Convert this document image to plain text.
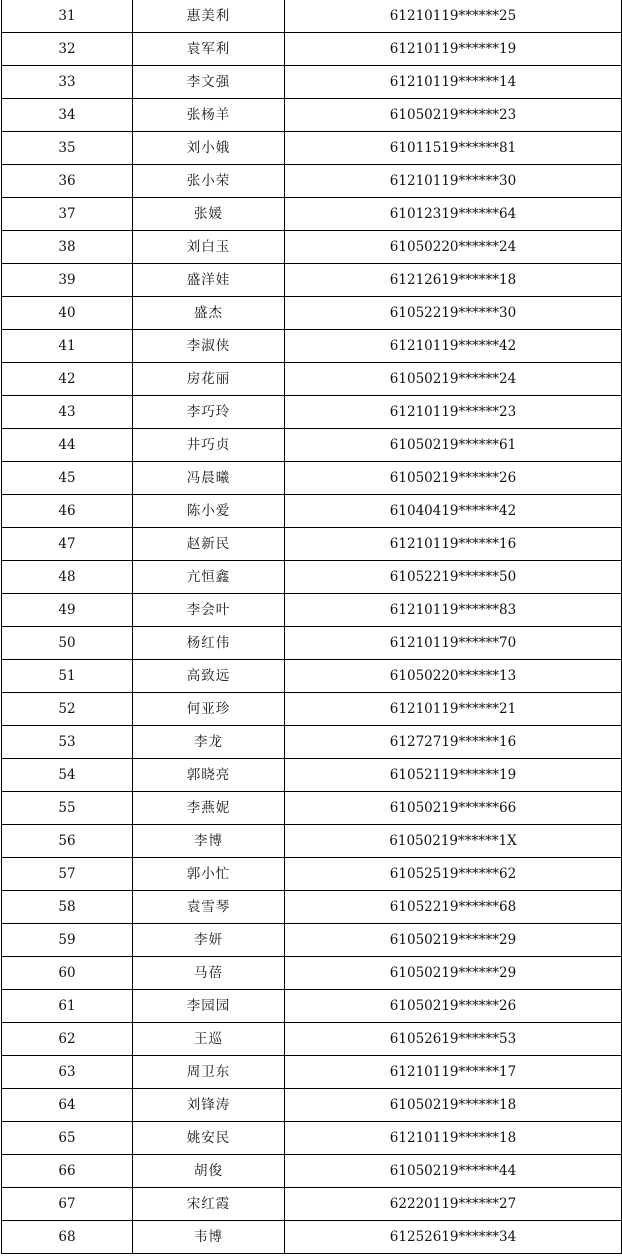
31	惠美利	61210119******25
32	袁军利	61210119******19
33	李文强	61210119******14
34	张杨羊	61050219******23
35	刘小娥	61011519******81
36	张小荣	61210119******30
37	张媛	61012319******64
38	刘白玉	61050220******24
39	盛洋娃	61212619******18
40	盛杰	61052219******30
41	李淑侠	61210119******42
42	房花丽	61050219******24
43	李巧玲	61210119******23
44	井巧贞	61050219******61
45	冯晨曦	61050219******26
46	陈小爱	61040419******42
47	赵新民	61210119******16
48	亢恒鑫	61052219******50
49	李会叶	61210119******83
50	杨红伟	61210119******70
51	高致远	61050220******13
52	何亚珍	61210119******21
53	李龙	61272719******16
54	郭晓亮	61052119******19
55	李燕妮	61050219******66
56	李博	61050219******1X
57	郭小忙	61052519******62
58	袁雪琴	61052219******68
59	李妍	61050219******29
60	马蓓	61050219******29
61	李园园	61050219******26
62	王巡	61052619******53
63	周卫东	61210119******17
64	刘锋涛	61050219******18
65	姚安民	61210119******18
66	胡俊	61050219******44
67	宋红霞	62220119******27
68	韦博	61252619******34
